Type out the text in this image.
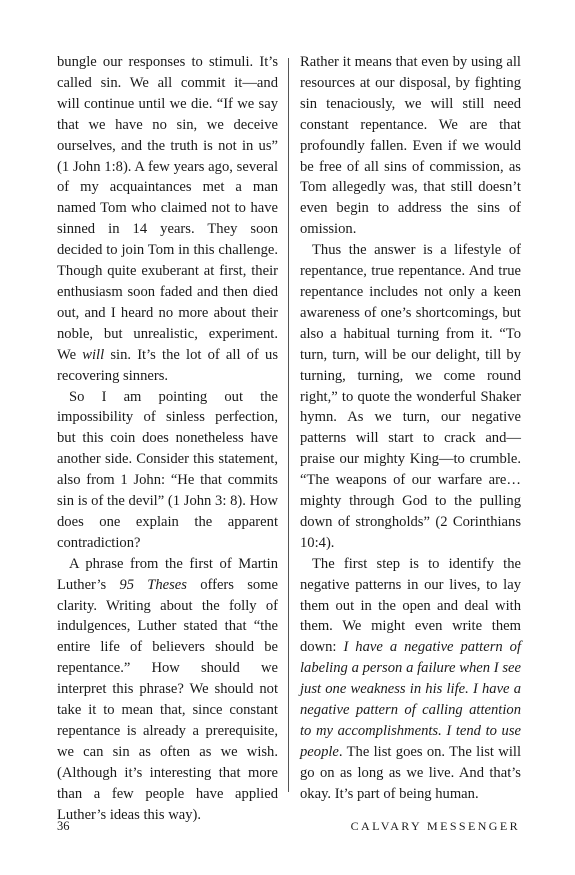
bungle our responses to stimuli. It’s called sin. We all commit it—and will continue until we die. “If we say that we have no sin, we deceive ourselves, and the truth is not in us” (1 John 1:8). A few years ago, several of my acquaintances met a man named Tom who claimed not to have sinned in 14 years. They soon decided to join Tom in this challenge. Though quite exuberant at first, their enthusiasm soon faded and then died out, and I heard no more about their noble, but unrealistic, experiment. We will sin. It’s the lot of all of us recovering sinners.

So I am pointing out the impossibility of sinless perfection, but this coin does nonetheless have another side. Consider this statement, also from 1 John: “He that commits sin is of the devil” (1 John 3: 8). How does one explain the apparent contradiction?

A phrase from the first of Martin Luther’s 95 Theses offers some clarity. Writing about the folly of indulgences, Luther stated that “the entire life of believers should be repentance.” How should we interpret this phrase? We should not take it to mean that, since constant repentance is already a prerequisite, we can sin as often as we wish. (Although it’s interesting that more than a few people have applied Luther’s ideas this way).

Rather it means that even by using all resources at our disposal, by fighting sin tenaciously, we will still need constant repentance. We are that profoundly fallen. Even if we would be free of all sins of commission, as Tom allegedly was, that still doesn’t even begin to address the sins of omission.

Thus the answer is a lifestyle of repentance, true repentance. And true repentance includes not only a keen awareness of one’s shortcomings, but also a habitual turning from it. “To turn, turn, will be our delight, till by turning, turning, we come round right,” to quote the wonderful Shaker hymn. As we turn, our negative patterns will start to crack and—praise our mighty King—to crumble. “The weapons of our warfare are…mighty through God to the pulling down of strongholds” (2 Corinthians 10:4).

The first step is to identify the negative patterns in our lives, to lay them out in the open and deal with them. We might even write them down: I have a negative pattern of labeling a person a failure when I see just one weakness in his life. I have a negative pattern of calling attention to my accomplishments. I tend to use people. The list goes on. The list will go on as long as we live. And that’s okay. It’s part of being human.

36	CALVARY MESSENGER
